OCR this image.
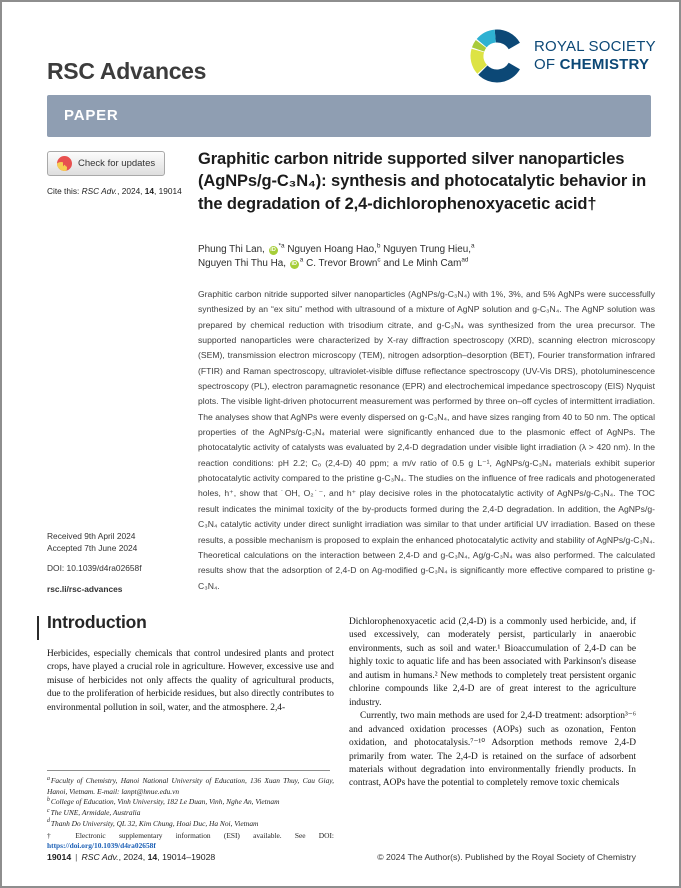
RSC Advances
ROYAL SOCIETY
OF CHEMISTRY
PAPER
Check for updates
Cite this: RSC Adv., 2024, 14, 19014
Received 9th April 2024
Accepted 7th June 2024
DOI: 10.1039/d4ra02658f
rsc.li/rsc-advances
Graphitic carbon nitride supported silver nanoparticles (AgNPs/g-C₃N₄): synthesis and photocatalytic behavior in the degradation of 2,4-dichlorophenoxyacetic acid†
Phung Thi Lan, $iD^{*a}$ Nguyen Hoang Hao,$^b$ Nguyen Trung Hieu,$^a$
Nguyen Thi Thu Ha, $iD^a$ C. Trevor Brown$^c$ and Le Minh Cam$^{ad}$

Graphitic carbon nitride supported silver nanoparticles (AgNPs/g-C₃N₄) with 1%, 3%, and 5% AgNPs were successfully synthesized by an “ex situ” method with ultrasound of a mixture of AgNP solution and g-C₃N₄. The AgNP solution was prepared by chemical reduction with trisodium citrate, and g-C₃N₄ was synthesized from the urea precursor. The supported nanoparticles were characterized by X-ray diffraction spectroscopy (XRD), scanning electron microscopy (SEM), transmission electron microscopy (TEM), nitrogen adsorption–desorption (BET), Fourier transformation infrared (FTIR) and Raman spectroscopy, ultraviolet-visible diffuse reflectance spectroscopy (UV-Vis DRS), photoluminescence spectroscopy (PL), electron paramagnetic resonance (EPR) and electrochemical impedance spectroscopy (EIS) Nyquist plots. The visible light-driven photocurrent measurement was performed by three on–off cycles of intermittent irradiation. The analyses show that AgNPs were evenly dispersed on g-C₃N₄, and have sizes ranging from 40 to 50 nm. The optical properties of the AgNPs/g-C₃N₄ material were significantly enhanced due to the plasmonic effect of AgNPs. The photocatalytic activity of catalysts was evaluated by 2,4-D degradation under visible light irradiation (λ > 420 nm). In the reaction conditions: pH 2.2; Cₒ (2,4-D) 40 ppm; a m/v ratio of 0.5 g L⁻¹, AgNPs/g-C₃N₄ materials exhibit superior photocatalytic activity compared to the pristine g-C₃N₄. The studies on the influence of free radicals and photogenerated holes, h⁺, show that ˙OH, O₂˙⁻, and h⁺ play decisive roles in the photocatalytic activity of AgNPs/g-C₃N₄. The TOC result indicates the minimal toxicity of the by-products formed during the 2,4-D degradation. In addition, the AgNPs/g-C₃N₄ catalytic activity under direct sunlight irradiation was similar to that under artificial UV irradiation. Based on these results, a possible mechanism is proposed to explain the enhanced photocatalytic activity and stability of AgNPs/g-C₃N₄. Theoretical calculations on the interaction between 2,4-D and g-C₃N₄, Ag/g-C₃N₄ was also performed. The calculated results show that the adsorption of 2,4-D on Ag-modified g-C₃N₄ is significantly more effective compared to pristine g-C₃N₄.

Introduction

Herbicides, especially chemicals that control undesired plants and protect crops, have played a crucial role in agriculture. However, excessive use and misuse of herbicides not only affects the quality of agricultural products, due to the proliferation of herbicide residues, but also directly contributes to environmental pollution in soil, water, and the atmosphere. 2,4-

Dichlorophenoxyacetic acid (2,4-D) is a commonly used herbicide, and, if used excessively, can moderately persist, particularly in anaerobic environments, such as soil and water.¹ Bioaccumulation of 2,4-D can be highly toxic to aquatic life and has been associated with Parkinson's disease and autism in humans.² New methods to completely treat persistent organic chlorine compounds like 2,4-D are of great interest to the agriculture industry.

Currently, two main methods are used for 2,4-D treatment: adsorption³⁻⁶ and advanced oxidation processes (AOPs) such as ozonation, Fenton oxidation, and photocatalysis.⁷⁻¹⁰ Adsorption methods remove 2,4-D primarily from water. The 2,4-D is retained on the surface of adsorbent materials without degradation into environmentally friendly products. In contrast, AOPs have the potential to completely remove toxic chemicals

$^a$Faculty of Chemistry, Hanoi National University of Education, 136 Xuan Thuy, Cau Giay, Hanoi, Vietnam. E-mail: lanpt@hnue.edu.vn
$^b$College of Education, Vinh University, 182 Le Duan, Vinh, Nghe An, Vietnam
$^c$The UNE, Armidale, Australia
$^d$Thanh Do University, QL 32, Kim Chung, Hoai Duc, Ha Noi, Vietnam
† Electronic supplementary information (ESI) available. See DOI:
https://doi.org/10.1039/d4ra02658f
19014 | RSC Adv., 2024, 14, 19014–19028	© 2024 The Author(s). Published by the Royal Society of Chemistry
